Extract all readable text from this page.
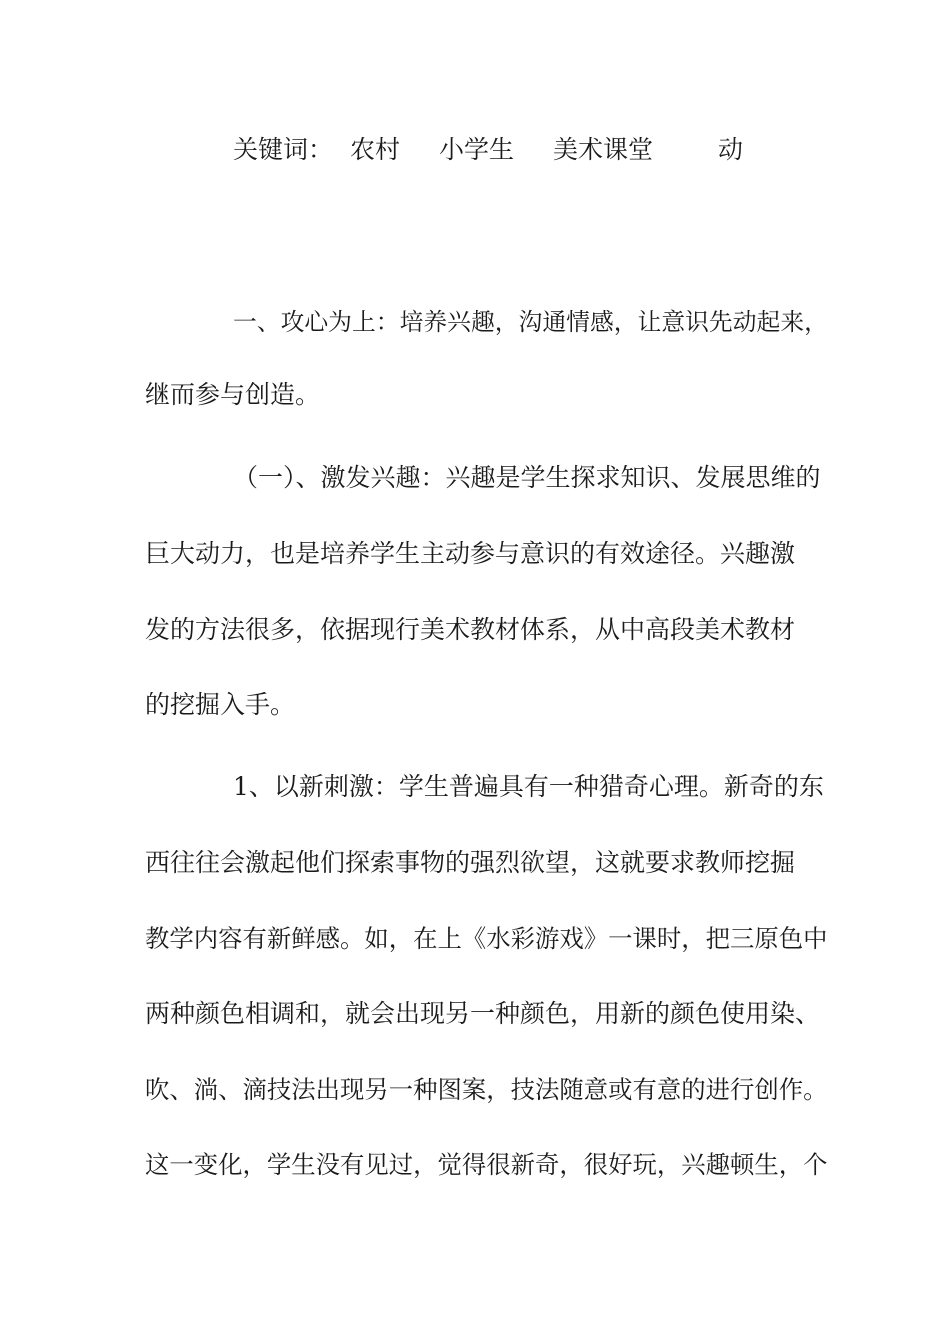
关键词： 农村 小学生 美术课堂	动
一、攻心为上：培养兴趣，沟通情感，让意识先动起来，
继而参与创造。
（一）、激发兴趣：兴趣是学生探求知识、发展思维的
巨大动力，也是培养学生主动参与意识的有效途径。兴趣激
发的方法很多，依据现行美术教材体系，从中高段美术教材
的挖掘入手。
1、以新刺激：学生普遍具有一种猎奇心理。新奇的东
西往往会激起他们探索事物的强烈欲望，这就要求教师挖掘
教学内容有新鲜感。如，在上《水彩游戏》一课时，把三原色中
两种颜色相调和，就会出现另一种颜色，用新的颜色使用染、
吹、淌、滴技法出现另一种图案，技法随意或有意的进行创作。
这一变化，学生没有见过，觉得很新奇，很好玩，兴趣顿生，个
